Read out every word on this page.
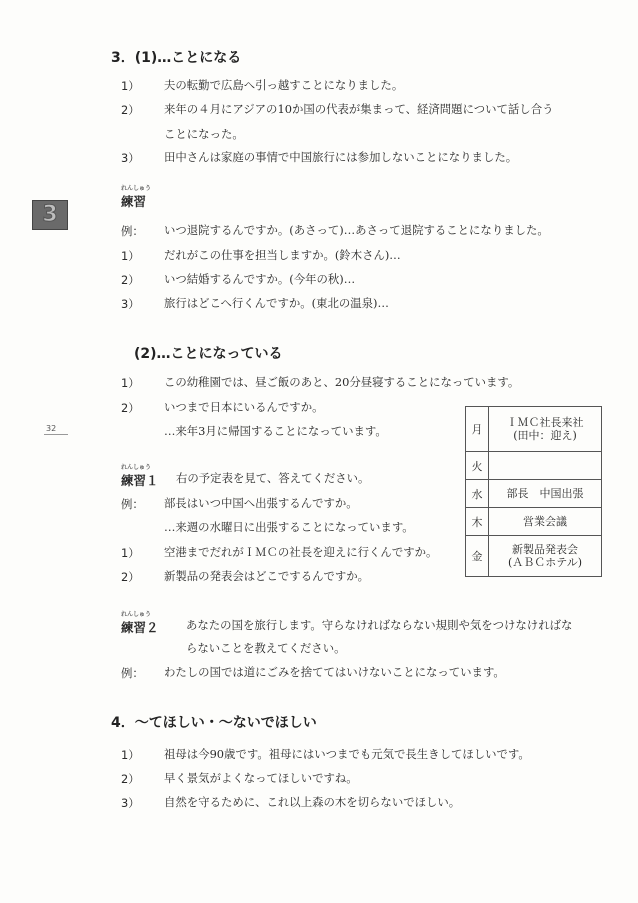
3
32
3．(1)…ことになる
1） 夫の転勤で広島へ引っ越すことになりました。
2） 来年の４月にアジアの10か国の代表が集まって、経済問題について話し合う
ことになった。
3） 田中さんは家庭の事情で中国旅行には参加しないことになりました。
れんしゅう
練習
例： いつ退院するんですか。(あさって)…あさって退院することになりました。
1） だれがこの仕事を担当しますか。(鈴木さん)…
2） いつ結婚するんですか。(今年の秋)…
3） 旅行はどこへ行くんですか。(東北の温泉)…
(2)…ことになっている
1） この幼稚園では、昼ご飯のあと、20分昼寝することになっています。
2） いつまで日本にいるんですか。
…来年3月に帰国することになっています。
れんしゅう
練習１ 右の予定表を見て、答えてください。
例： 部長はいつ中国へ出張するんですか。
…来週の水曜日に出張することになっています。
1） 空港までだれがＩＭＣの社長を迎えに行くんですか。
2） 新製品の発表会はどこでするんですか。
月	ＩＭＣ社長来社
(田中：迎え)

火	
水	部長　中国出張
木	営業会議
金	新製品発表会
(ＡＢＣホテル)
れんしゅう
練習２ あなたの国を旅行します。守らなければならない規則や気をつけなければな
らないことを教えてください。
例： わたしの国では道にごみを捨ててはいけないことになっています。
4．～てほしい・～ないでほしい
1） 祖母は今90歳です。祖母にはいつまでも元気で長生きしてほしいです。
2） 早く景気がよくなってほしいですね。
3） 自然を守るために、これ以上森の木を切らないでほしい。
